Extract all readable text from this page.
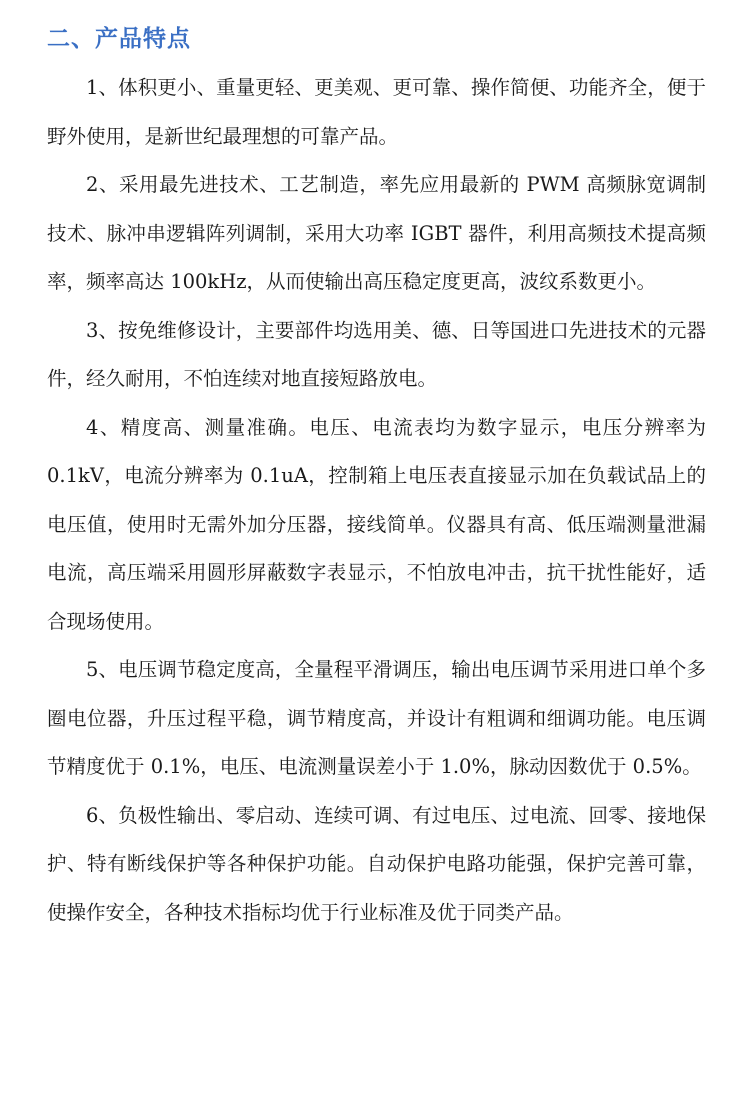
二、产品特点

1、体积更小、重量更轻、更美观、更可靠、操作简便、功能齐全，便于野外使用，是新世纪最理想的可靠产品。

2、采用最先进技术、工艺制造，率先应用最新的 PWM 高频脉宽调制技术、脉冲串逻辑阵列调制，采用大功率 IGBT 器件，利用高频技术提高频率，频率高达 100kHz，从而使输出高压稳定度更高，波纹系数更小。

3、按免维修设计，主要部件均选用美、德、日等国进口先进技术的元器件，经久耐用，不怕连续对地直接短路放电。

4、精度高、测量准确。电压、电流表均为数字显示，电压分辨率为 0.1kV，电流分辨率为 0.1uA，控制箱上电压表直接显示加在负载试品上的电压值，使用时无需外加分压器，接线简单。仪器具有高、低压端测量泄漏电流，高压端采用圆形屏蔽数字表显示，不怕放电冲击，抗干扰性能好，适合现场使用。

5、电压调节稳定度高，全量程平滑调压，输出电压调节采用进口单个多圈电位器，升压过程平稳，调节精度高，并设计有粗调和细调功能。电压调节精度优于 0.1%，电压、电流测量误差小于 1.0%，脉动因数优于 0.5%。

6、负极性输出、零启动、连续可调、有过电压、过电流、回零、接地保护、特有断线保护等各种保护功能。自动保护电路功能强，保护完善可靠，使操作安全，各种技术指标均优于行业标准及优于同类产品。
